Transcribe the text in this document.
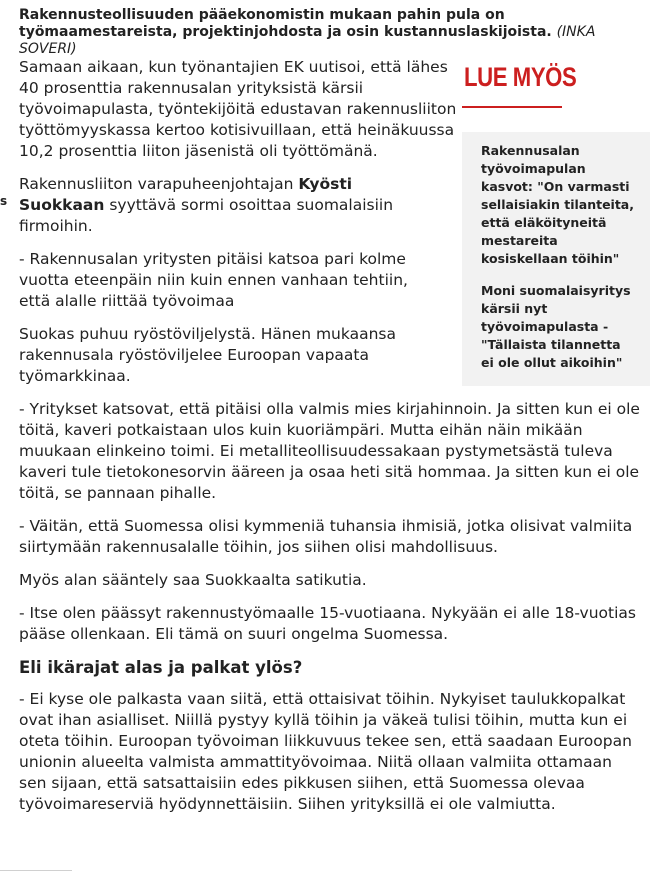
Rakennusteollisuuden pääekonomistin mukaan pahin pula on työmaamestareista, projektinjohdosta ja osin kustannuslaskijoista. (INKA SOVERI)
s
LUE MYÖS
Rakennusalan työvoimapulan kasvot: "On varmasti sellaisiakin tilanteita, että eläköityneitä mestareita kosiskellaan töihin"
Moni suomalaisyritys kärsii nyt työvoimapulasta - "Tällaista tilannetta ei ole ollut aikoihin"

Samaan aikaan, kun työnantajien EK uutisoi, että lähes 40 prosenttia rakennusalan yrityksistä kärsii työvoimapulasta, työntekijöitä edustavan rakennusliiton työttömyyskassa kertoo kotisivuillaan, että heinäkuussa 10,2 prosenttia liiton jäsenistä oli työttömänä.

Rakennusliiton varapuheenjohtajan Kyösti Suokkaan syyttävä sormi osoittaa suomalaisiin firmoihin.

- Rakennusalan yritysten pitäisi katsoa pari kolme vuotta eteenpäin niin kuin ennen vanhaan tehtiin, että alalle riittää työvoimaa

Suokas puhuu ryöstöviljelystä. Hänen mukaansa rakennusala ryöstöviljelee Euroopan vapaata työmarkkinaa.

- Yritykset katsovat, että pitäisi olla valmis mies kirjahinnoin. Ja sitten kun ei ole töitä, kaveri potkaistaan ulos kuin kuoriämpäri. Mutta eihän näin mikään muukaan elinkeino toimi. Ei metalliteollisuudessakaan pystymetsästä tuleva kaveri tule tietokonesorvin ääreen ja osaa heti sitä hommaa. Ja sitten kun ei ole töitä, se pannaan pihalle.

- Väitän, että Suomessa olisi kymmeniä tuhansia ihmisiä, jotka olisivat valmiita siirtymään rakennusalalle töihin, jos siihen olisi mahdollisuus.

Myös alan sääntely saa Suokkaalta satikutia.

- Itse olen päässyt rakennustyömaalle 15-vuotiaana. Nykyään ei alle 18-vuotias pääse ollenkaan. Eli tämä on suuri ongelma Suomessa.

Eli ikärajat alas ja palkat ylös?

- Ei kyse ole palkasta vaan siitä, että ottaisivat töihin. Nykyiset taulukkopalkat ovat ihan asialliset. Niillä pystyy kyllä töihin ja väkeä tulisi töihin, mutta kun ei oteta töihin. Euroopan työvoiman liikkuvuus tekee sen, että saadaan Euroopan unionin alueelta valmista ammattityövoimaa. Niitä ollaan valmiita ottamaan sen sijaan, että satsattaisiin edes pikkusen siihen, että Suomessa olevaa työvoimareserviä hyödynnettäisiin. Siihen yrityksillä ei ole valmiutta.
